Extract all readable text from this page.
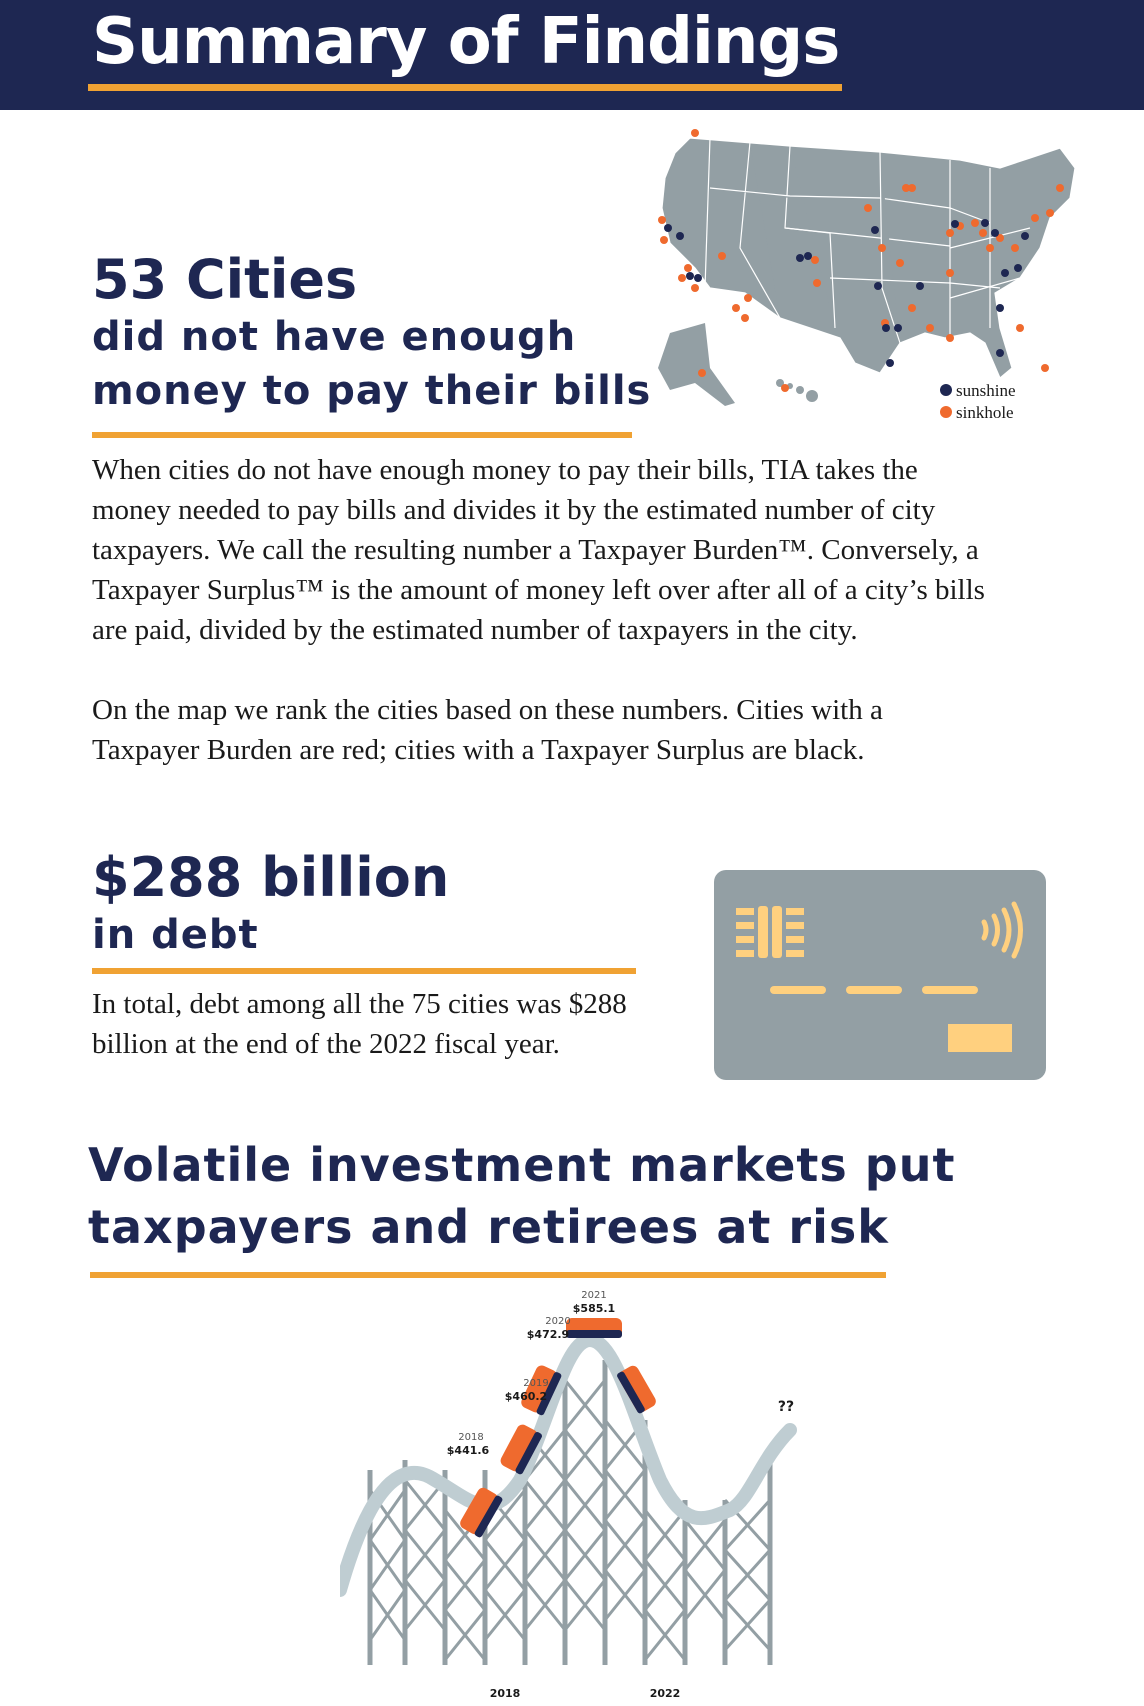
Summary of Findings
53 Cities
did not have enough
money to pay their bills

When cities do not have enough money to pay their bills, TIA takes the money needed to pay bills and divides it by the estimated number of city taxpayers. We call the resulting number a Taxpayer Burden™. Conversely, a Taxpayer Surplus™ is the amount of money left over after all of a city’s bills are paid, divided by the estimated number of taxpayers in the city.

On the map we rank the cities based on these numbers. Cities with a Taxpayer Burden are red; cities with a Taxpayer Surplus are black.

sunshine
sinkhole
$288 billion
in debt

In total, debt among all the 75 cities was $288 billion at the end of the 2022 fiscal year.

Volatile investment markets put
taxpayers and retirees at risk
2018
$441.6
2019
$460.2
2020
$472.9
2021
$585.1
??
2018	2022
